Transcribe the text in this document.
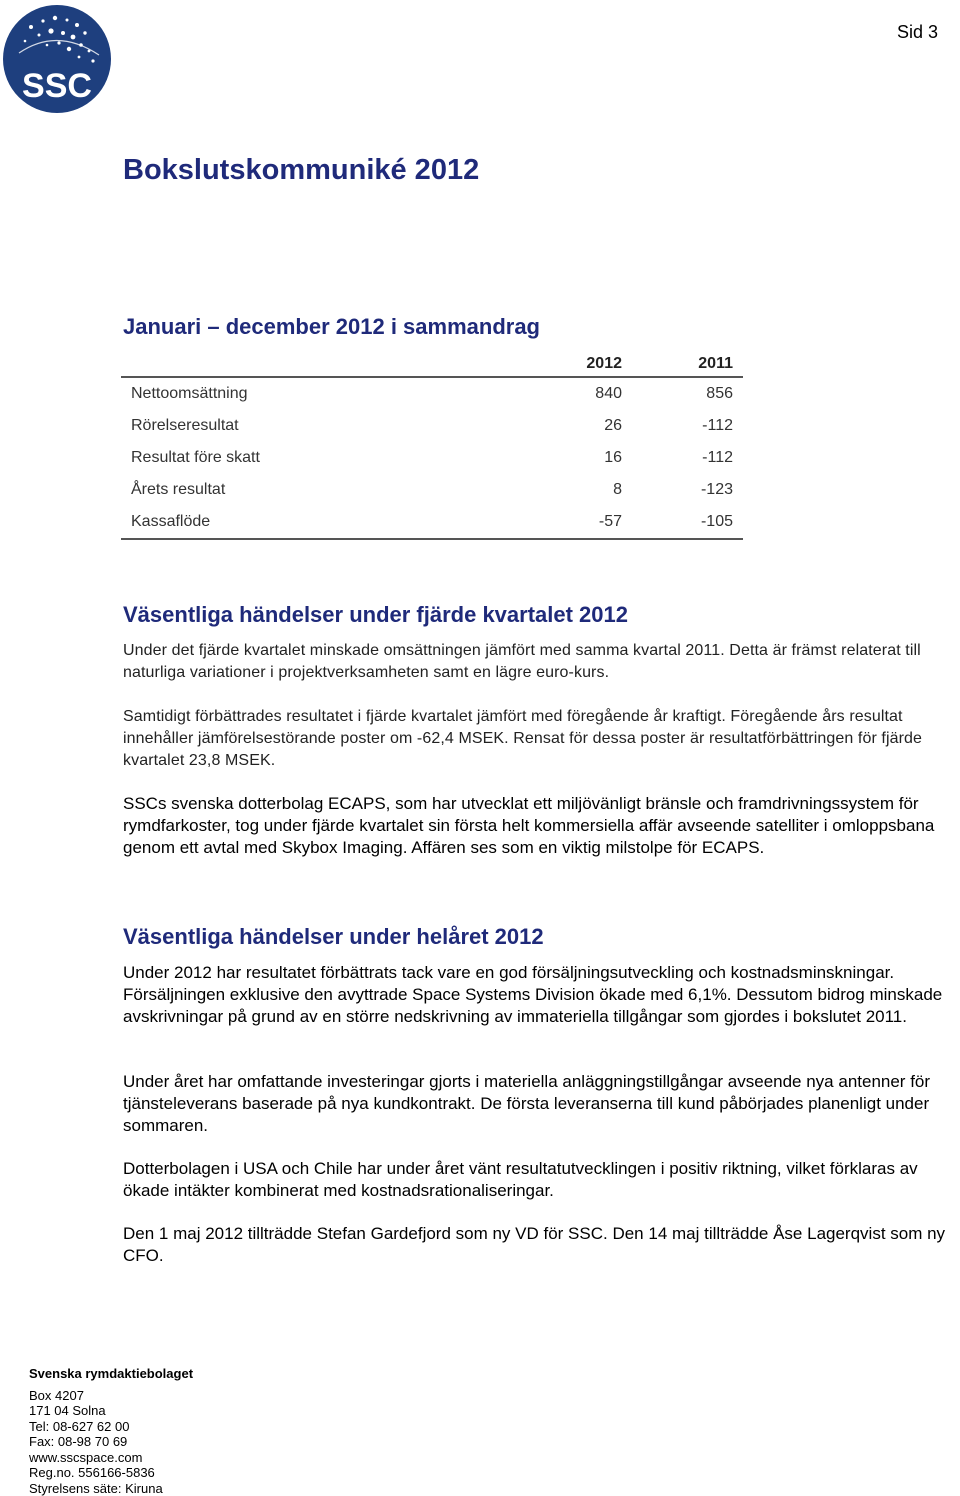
SSC
Sid 3
Bokslutskommuniké 2012
Januari – december 2012 i sammandrag
	2012	2011
Nettoomsättning	840	856
Rörelseresultat	26	-112
Resultat före skatt	16	-112
Årets resultat	8	-123
Kassaflöde	-57	-105
Väsentliga händelser under fjärde kvartalet 2012

Under det fjärde kvartalet minskade omsättningen jämfört med samma kvartal 2011. Detta är främst relaterat till naturliga variationer i projektverksamheten samt en lägre euro-kurs.

Samtidigt förbättrades resultatet i fjärde kvartalet jämfört med föregående år kraftigt. Föregående års resultat innehåller jämförelsestörande poster om -62,4 MSEK. Rensat för dessa poster är resultatförbättringen för fjärde kvartalet 23,8 MSEK.

SSCs svenska dotterbolag ECAPS, som har utvecklat ett miljövänligt bränsle och framdrivningssystem för rymdfarkoster, tog under fjärde kvartalet sin första helt kommersiella affär avseende satelliter i omloppsbana genom ett avtal med Skybox Imaging. Affären ses som en viktig milstolpe för ECAPS.

Väsentliga händelser under helåret 2012

Under 2012 har resultatet förbättrats tack vare en god försäljningsutveckling och kostnadsminskningar. Försäljningen exklusive den avyttrade Space Systems Division ökade med 6,1%. Dessutom bidrog minskade avskrivningar på grund av en större nedskrivning av immateriella tillgångar som gjordes i bokslutet 2011.

Under året har omfattande investeringar gjorts i materiella anläggningstillgångar avseende nya antenner för tjänsteleverans baserade på nya kundkontrakt. De första leveranserna till kund påbörjades planenligt under sommaren.

Dotterbolagen i USA och Chile har under året vänt resultatutvecklingen i positiv riktning, vilket förklaras av ökade intäkter kombinerat med kostnadsrationaliseringar.

Den 1 maj 2012 tillträdde Stefan Gardefjord som ny VD för SSC. Den 14 maj tillträdde Åse Lagerqvist som ny CFO.

Svenska rymdaktiebolaget
Box 4207
171 04 Solna
Tel: 08-627 62 00
Fax: 08-98 70 69
www.sscspace.com
Reg.no. 556166-5836
Styrelsens säte: Kiruna
